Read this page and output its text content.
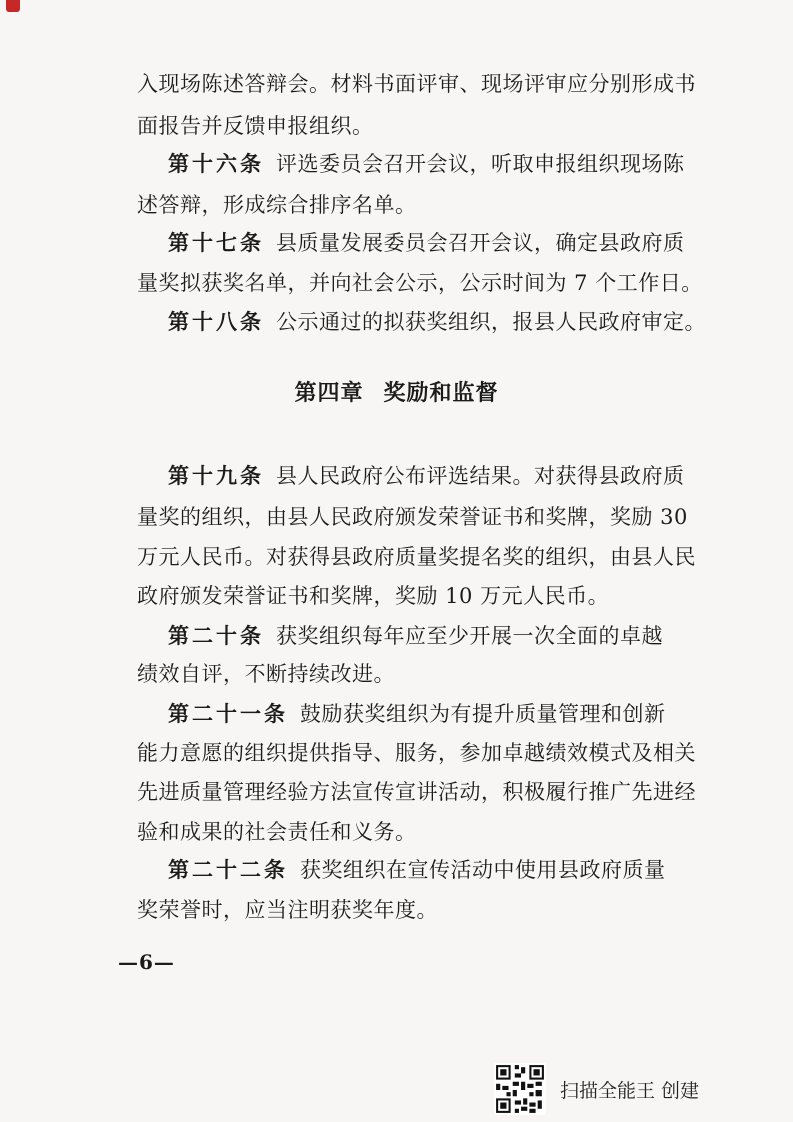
入现场陈述答辩会。材料书面评审、现场评审应分别形成书
面报告并反馈申报组织。
第十六条 评选委员会召开会议，听取申报组织现场陈
述答辩，形成综合排序名单。
第十七条 县质量发展委员会召开会议，确定县政府质
量奖拟获奖名单，并向社会公示，公示时间为 7 个工作日。
第十八条 公示通过的拟获奖组织，报县人民政府审定。
第四章 奖励和监督
第十九条 县人民政府公布评选结果。对获得县政府质
量奖的组织，由县人民政府颁发荣誉证书和奖牌，奖励 30
万元人民币。对获得县政府质量奖提名奖的组织，由县人民
政府颁发荣誉证书和奖牌，奖励 10 万元人民币。
第二十条 获奖组织每年应至少开展一次全面的卓越
绩效自评，不断持续改进。
第二十一条 鼓励获奖组织为有提升质量管理和创新
能力意愿的组织提供指导、服务，参加卓越绩效模式及相关
先进质量管理经验方法宣传宣讲活动，积极履行推广先进经
验和成果的社会责任和义务。
第二十二条 获奖组织在宣传活动中使用县政府质量
奖荣誉时，应当注明获奖年度。
—6—
扫描全能王 创建
